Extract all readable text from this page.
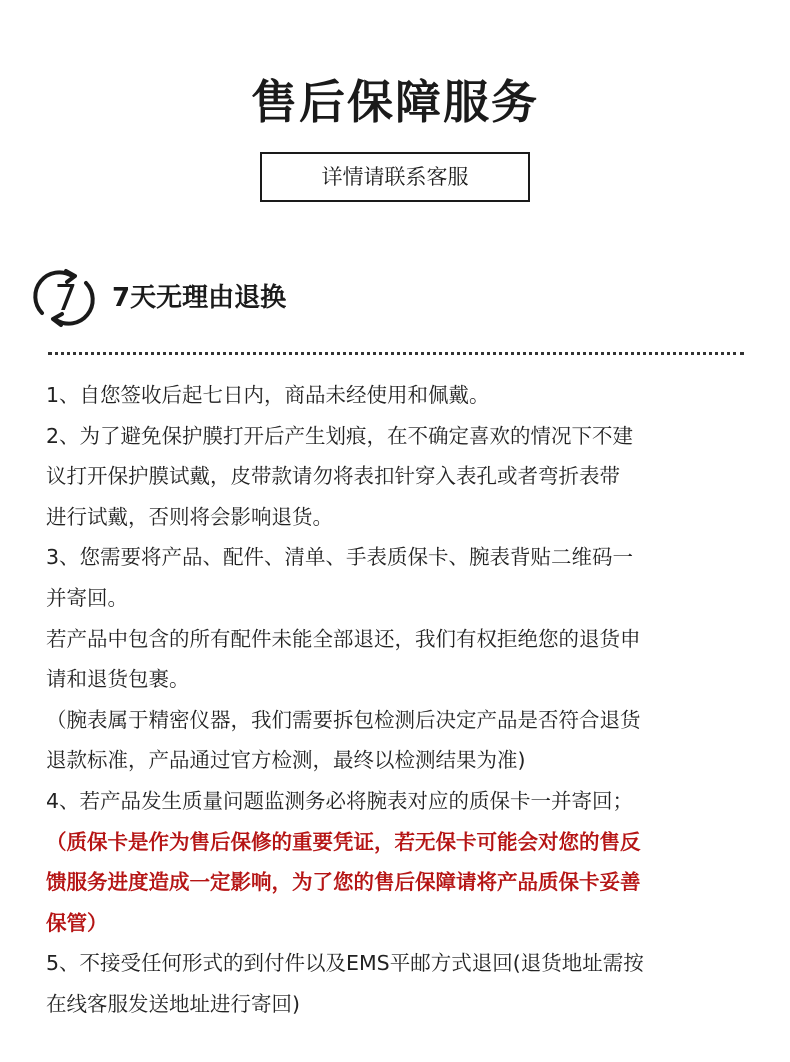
售后保障服务
详情请联系客服
7 7天无理由退换

1、自您签收后起七日内，商品未经使用和佩戴。

2、为了避免保护膜打开后产生划痕，在不确定喜欢的情况下不建

议打开保护膜试戴，皮带款请勿将表扣针穿入表孔或者弯折表带

进行试戴，否则将会影响退货。

3、您需要将产品、配件、清单、手表质保卡、腕表背贴二维码一

并寄回。

若产品中包含的所有配件未能全部退还，我们有权拒绝您的退货申

请和退货包裹。

（腕表属于精密仪器，我们需要拆包检测后决定产品是否符合退货

退款标准，产品通过官方检测，最终以检测结果为准)

4、若产品发生质量问题监测务必将腕表对应的质保卡一并寄回；

（质保卡是作为售后保修的重要凭证，若无保卡可能会对您的售反

馈服务进度造成一定影响，为了您的售后保障请将产品质保卡妥善

保管）

5、不接受任何形式的到付件以及EMS平邮方式退回(退货地址需按

在线客服发送地址进行寄回)
